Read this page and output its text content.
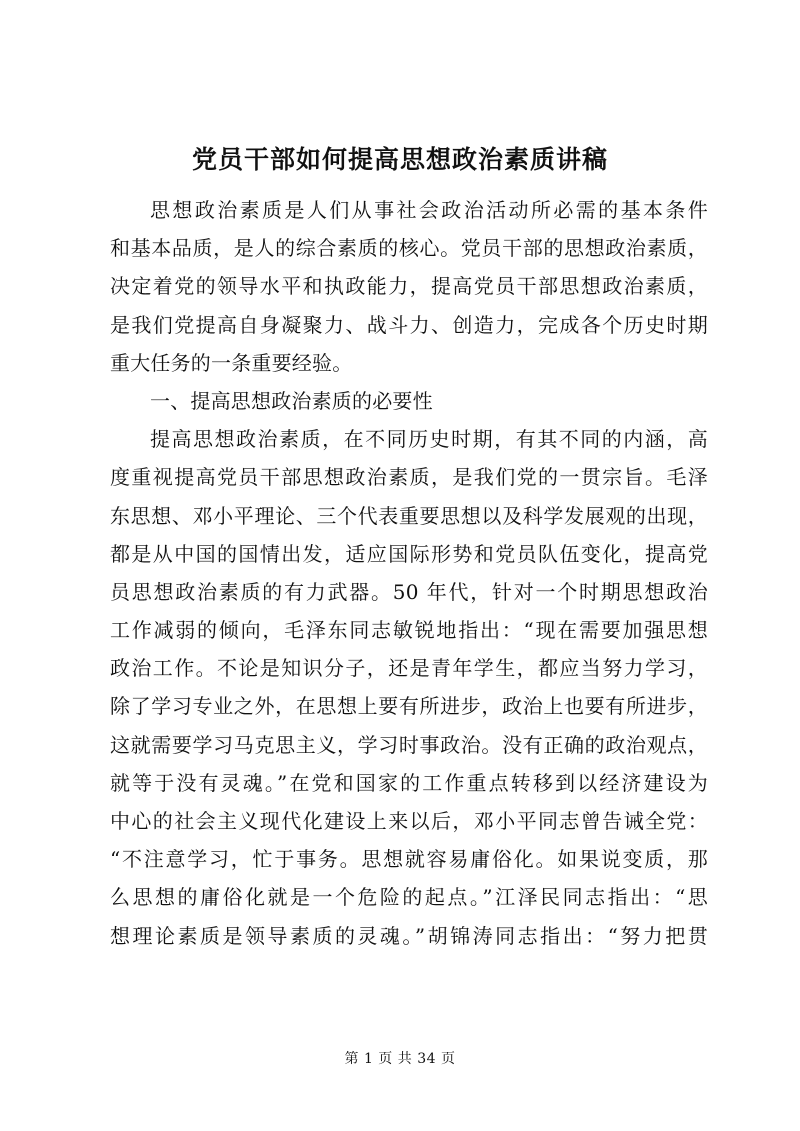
党员干部如何提高思想政治素质讲稿
思想政治素质是人们从事社会政治活动所必需的基本条件
和基本品质，是人的综合素质的核心。党员干部的思想政治素质，
决定着党的领导水平和执政能力，提高党员干部思想政治素质，
是我们党提高自身凝聚力、战斗力、创造力，完成各个历史时期
重大任务的一条重要经验。
一、提高思想政治素质的必要性
提高思想政治素质，在不同历史时期，有其不同的内涵，高
度重视提高党员干部思想政治素质，是我们党的一贯宗旨。毛泽
东思想、邓小平理论、三个代表重要思想以及科学发展观的出现，
都是从中国的国情出发，适应国际形势和党员队伍变化，提高党
员思想政治素质的有力武器。50 年代，针对一个时期思想政治
工作减弱的倾向，毛泽东同志敏锐地指出：“现在需要加强思想
政治工作。不论是知识分子，还是青年学生，都应当努力学习，
除了学习专业之外，在思想上要有所进步，政治上也要有所进步，
这就需要学习马克思主义，学习时事政治。没有正确的政治观点，
就等于没有灵魂。”在党和国家的工作重点转移到以经济建设为
中心的社会主义现代化建设上来以后，邓小平同志曾告诫全党：
“不注意学习，忙于事务。思想就容易庸俗化。如果说变质，那
么思想的庸俗化就是一个危险的起点。”江泽民同志指出：“思
想理论素质是领导素质的灵魂。”胡锦涛同志指出：“努力把贯
第 1 页 共 34 页
